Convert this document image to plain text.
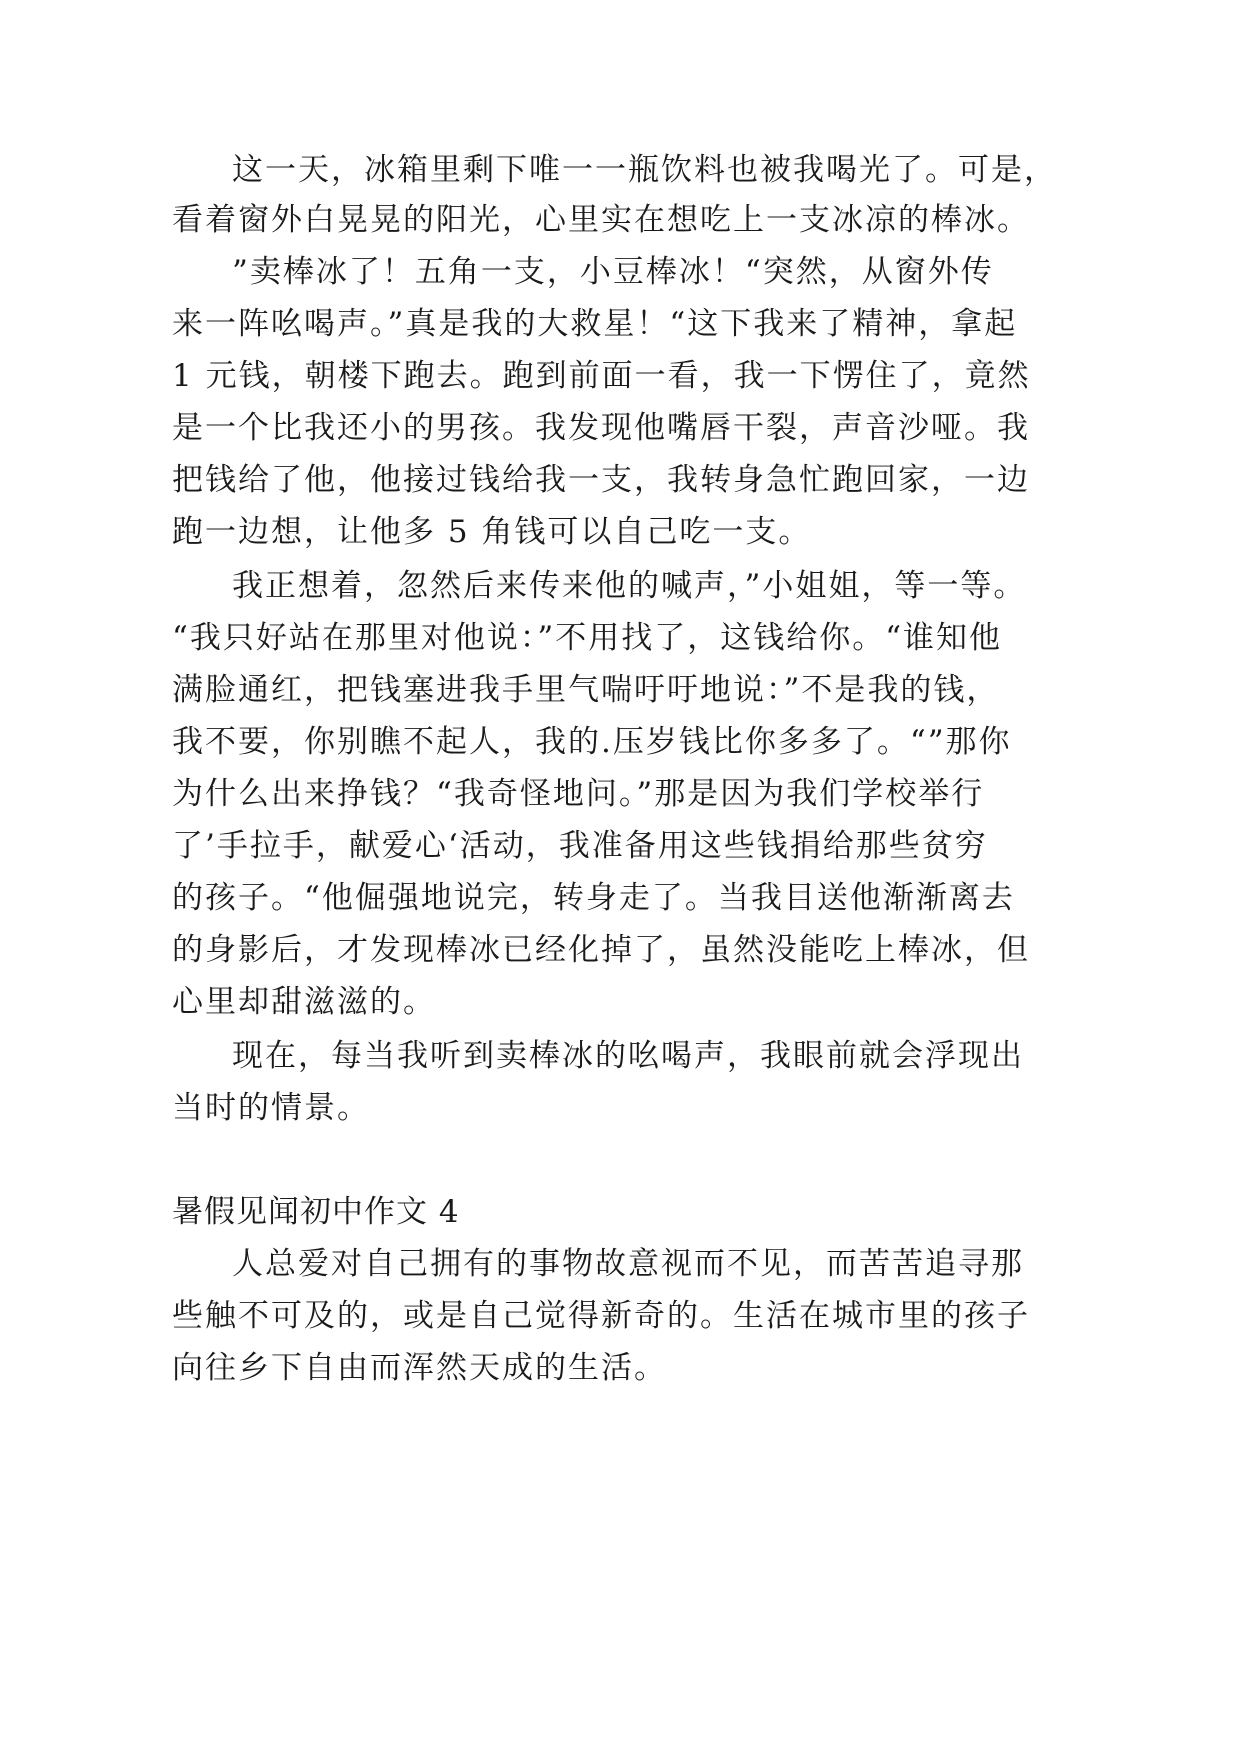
这一天，冰箱里剩下唯一一瓶饮料也被我喝光了。可是，
看着窗外白晃晃的阳光，心里实在想吃上一支冰凉的棒冰。
”卖棒冰了！五角一支，小豆棒冰！“突然，从窗外传
来一阵吆喝声。”真是我的大救星！“这下我来了精神，拿起
1 元钱，朝楼下跑去。跑到前面一看，我一下愣住了，竟然
是一个比我还小的男孩。我发现他嘴唇干裂，声音沙哑。我
把钱给了他，他接过钱给我一支，我转身急忙跑回家，一边
跑一边想，让他多 5 角钱可以自己吃一支。
我正想着，忽然后来传来他的喊声，”小姐姐，等一等。
“我只好站在那里对他说：”不用找了，这钱给你。“谁知他
满脸通红，把钱塞进我手里气喘吁吁地说：”不是我的钱，
我不要，你别瞧不起人，我的.压岁钱比你多多了。“”那你
为什么出来挣钱？“我奇怪地问。”那是因为我们学校举行
了’手拉手，献爱心‘活动，我准备用这些钱捐给那些贫穷
的孩子。“他倔强地说完，转身走了。当我目送他渐渐离去
的身影后，才发现棒冰已经化掉了，虽然没能吃上棒冰，但
心里却甜滋滋的。
现在，每当我听到卖棒冰的吆喝声，我眼前就会浮现出
当时的情景。
暑假见闻初中作文 4
人总爱对自己拥有的事物故意视而不见，而苦苦追寻那
些触不可及的，或是自己觉得新奇的。生活在城市里的孩子
向往乡下自由而浑然天成的生活。
